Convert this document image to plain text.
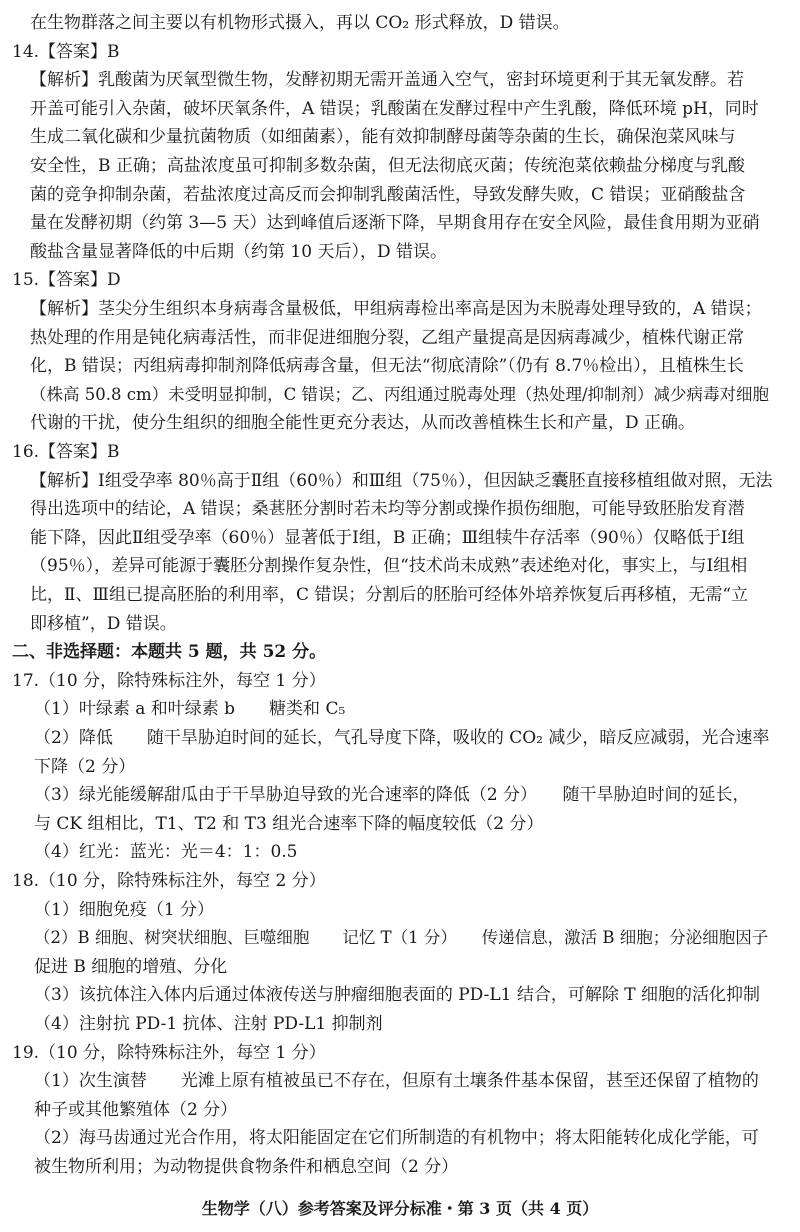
在生物群落之间主要以有机物形式摄入，再以 CO₂ 形式释放，D 错误。
14.【答案】B
【解析】乳酸菌为厌氧型微生物，发酵初期无需开盖通入空气，密封环境更利于其无氧发酵。若
开盖可能引入杂菌，破坏厌氧条件，A 错误；乳酸菌在发酵过程中产生乳酸，降低环境 pH，同时
生成二氧化碳和少量抗菌物质（如细菌素），能有效抑制酵母菌等杂菌的生长，确保泡菜风味与
安全性，B 正确；高盐浓度虽可抑制多数杂菌，但无法彻底灭菌；传统泡菜依赖盐分梯度与乳酸
菌的竞争抑制杂菌，若盐浓度过高反而会抑制乳酸菌活性，导致发酵失败，C 错误；亚硝酸盐含
量在发酵初期（约第 3—5 天）达到峰值后逐渐下降，早期食用存在安全风险，最佳食用期为亚硝
酸盐含量显著降低的中后期（约第 10 天后），D 错误。
15.【答案】D
【解析】茎尖分生组织本身病毒含量极低，甲组病毒检出率高是因为未脱毒处理导致的，A 错误；
热处理的作用是钝化病毒活性，而非促进细胞分裂，乙组产量提高是因病毒减少，植株代谢正常
化，B 错误；丙组病毒抑制剂降低病毒含量，但无法“彻底清除”（仍有 8.7％检出），且植株生长
（株高 50.8 cm）未受明显抑制，C 错误；乙、丙组通过脱毒处理（热处理/抑制剂）减少病毒对细胞
代谢的干扰，使分生组织的细胞全能性更充分表达，从而改善植株生长和产量，D 正确。
16.【答案】B
【解析】Ⅰ组受孕率 80％高于Ⅱ组（60％）和Ⅲ组（75％），但因缺乏囊胚直接移植组做对照，无法
得出选项中的结论，A 错误；桑葚胚分割时若未均等分割或操作损伤细胞，可能导致胚胎发育潜
能下降，因此Ⅱ组受孕率（60％）显著低于Ⅰ组，B 正确；Ⅲ组犊牛存活率（90％）仅略低于Ⅰ组
（95％），差异可能源于囊胚分割操作复杂性，但“技术尚未成熟”表述绝对化，事实上，与Ⅰ组相
比，Ⅱ、Ⅲ组已提高胚胎的利用率，C 错误；分割后的胚胎可经体外培养恢复后再移植，无需“立
即移植”，D 错误。
二、非选择题：本题共 5 题，共 52 分。
17.（10 分，除特殊标注外，每空 1 分）
（1）叶绿素 a 和叶绿素 b　　糖类和 C₅
（2）降低　　随干旱胁迫时间的延长，气孔导度下降，吸收的 CO₂ 减少，暗反应减弱，光合速率
下降（2 分）
（3）绿光能缓解甜瓜由于干旱胁迫导致的光合速率的降低（2 分）　　随干旱胁迫时间的延长，
与 CK 组相比，T1、T2 和 T3 组光合速率下降的幅度较低（2 分）
（4）红光：蓝光：光＝4：1：0.5
18.（10 分，除特殊标注外，每空 2 分）
（1）细胞免疫（1 分）
（2）B 细胞、树突状细胞、巨噬细胞　　记忆 T（1 分）　　传递信息，激活 B 细胞；分泌细胞因子
促进 B 细胞的增殖、分化
（3）该抗体注入体内后通过体液传送与肿瘤细胞表面的 PD-L1 结合，可解除 T 细胞的活化抑制
（4）注射抗 PD-1 抗体、注射 PD-L1 抑制剂
19.（10 分，除特殊标注外，每空 1 分）
（1）次生演替　　光滩上原有植被虽已不存在，但原有土壤条件基本保留，甚至还保留了植物的
种子或其他繁殖体（2 分）
（2）海马齿通过光合作用，将太阳能固定在它们所制造的有机物中；将太阳能转化成化学能，可
被生物所利用；为动物提供食物条件和栖息空间（2 分）
生物学（八）参考答案及评分标准・第 3 页（共 4 页）
